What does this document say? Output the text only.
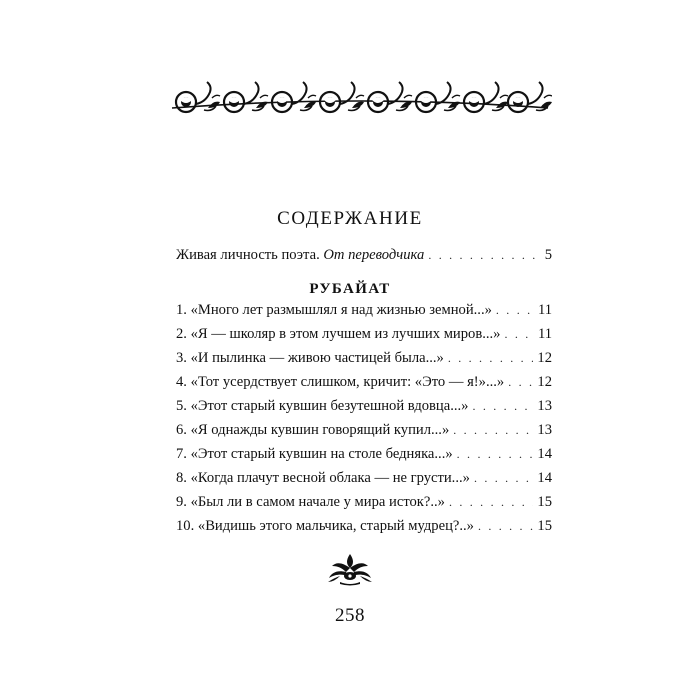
СОДЕРЖАНИЕ
Живая личность поэта. От переводчика . . .	5
РУБАЙАТ
1. «Много лет размышлял я над жизнью земной...» . . .	11
2. «Я — школяр в этом лучшем из лучших миров...» . . .	11
3. «И пылинка — живою частицей была...» . . .	12
4. «Тот усердствует слишком, кричит: «Это — я!»...» . . . 12
5. «Этот старый кувшин безутешной вдовца...» . . .	13
6. «Я однажды кувшин говорящий купил...» . . .	13
7. «Этот старый кувшин на столе бедняка...» . . .	14
8. «Когда плачут весной облака — не грусти...» . . .	14
9. «Был ли в самом начале у мира исток?..» . . .	15
10. «Видишь этого мальчика, старый мудрец?..» . . .	15
258
